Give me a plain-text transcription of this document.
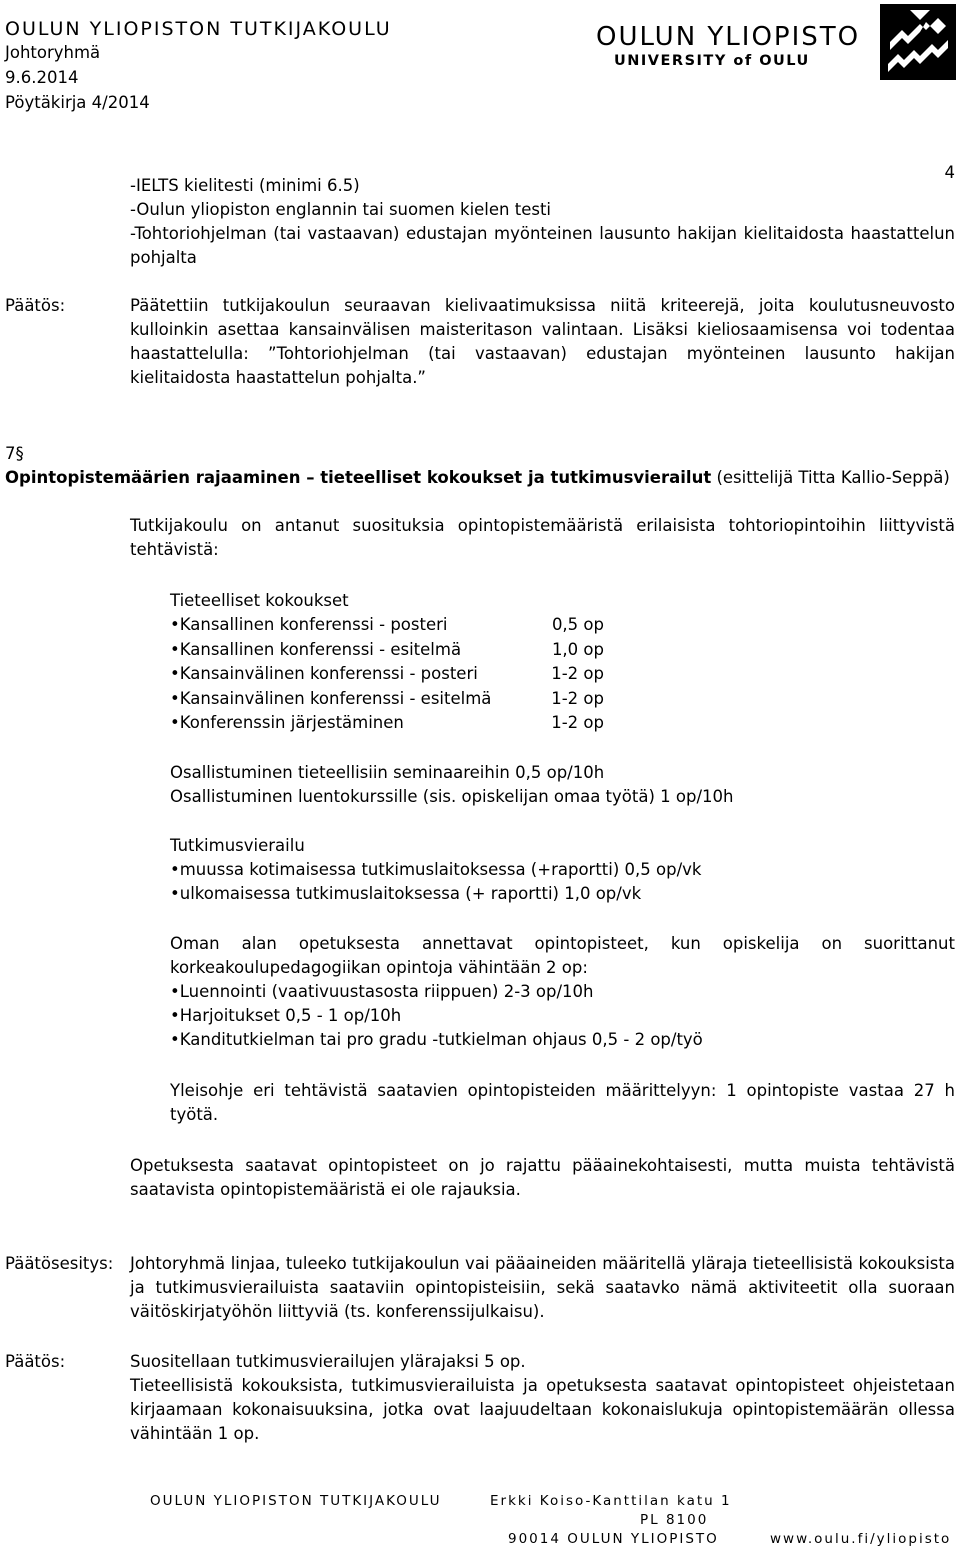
OULUN YLIOPISTON TUTKIJAKOULU
Johtoryhmä
9.6.2014
Pöytäkirja 4/2014
OULUN YLIOPISTO
UNIVERSITY of OULU
4

-IELTS kielitesti (minimi 6.5)

-Oulun yliopiston englannin tai suomen kielen testi

-Tohtoriohjelman (tai vastaavan) edustajan myönteinen lausunto hakijan kielitaidosta haastattelun pohjalta

Päätös:	Päätettiin tutkijakoulun seuraavan kielivaatimuksissa niitä kriteerejä, joita koulutusneuvosto kulloinkin asettaa kansainvälisen maisteritason valintaan. Lisäksi kieliosaamisensa voi todentaa haastattelulla: ”Tohtoriohjelman (tai vastaavan) edustajan myönteinen lausunto hakijan kielitaidosta haastattelun pohjalta.”
7§
Opintopistemäärien rajaaminen – tieteelliset kokoukset ja tutkimusvierailut (esittelijä Titta Kallio-Seppä)
Tutkijakoulu on antanut suosituksia opintopistemääristä erilaisista tohtoriopintoihin liittyvistä tehtävistä:
Tieteelliset kokoukset
• Kansallinen konferenssi - posteri	0,5 op
• Kansallinen konferenssi - esitelmä	1,0 op
• Kansainvälinen konferenssi - posteri	1-2 op
• Kansainvälinen konferenssi - esitelmä	1-2 op
• Konferenssin järjestäminen	1-2 op

Osallistuminen tieteellisiin seminaareihin 0,5 op/10h

Osallistuminen luentokurssille (sis. opiskelijan omaa työtä) 1 op/10h

Tutkimusvierailu

• muussa kotimaisessa tutkimuslaitoksessa (+raportti) 0,5 op/vk

• ulkomaisessa tutkimuslaitoksessa (+ raportti) 1,0 op/vk

Oman alan opetuksesta annettavat opintopisteet, kun opiskelija on suorittanut korkeakoulupedagogiikan opintoja vähintään 2 op:

• Luennointi (vaativuustasosta riippuen) 2-3 op/10h

• Harjoitukset 0,5 - 1 op/10h

• Kanditutkielman tai pro gradu -tutkielman ohjaus 0,5 - 2 op/työ

Yleisohje eri tehtävistä saatavien opintopisteiden määrittelyyn: 1 opintopiste vastaa 27 h työtä.
Opetuksesta saatavat opintopisteet on jo rajattu pääainekohtaisesti, mutta muista tehtävistä saatavista opintopistemääristä ei ole rajauksia.
Päätösesitys: Johtoryhmä linjaa, tuleeko tutkijakoulun vai pääaineiden määritellä yläraja tieteellisistä kokouksista ja tutkimusvierailuista saataviin opintopisteisiin, sekä saatavko nämä aktiviteetit olla suoraan väitöskirjatyöhön liittyviä (ts. konferenssijulkaisu).
Päätös:	Suositellaan tutkimusvierailujen ylärajaksi 5 op.

Tieteellisistä kokouksista, tutkimusvierailuista ja opetuksesta saatavat opintopisteet ohjeistetaan kirjaamaan kokonaisuuksina, jotka ovat laajuudeltaan kokonaislukuja opintopistemäärän ollessa vähintään 1 op.

OULUN YLIOPISTON TUTKIJAKOULU	Erkki Koiso-Kanttilan katu 1
PL 8100
90014 OULUN YLIOPISTO	www.oulu.fi/yliopisto
